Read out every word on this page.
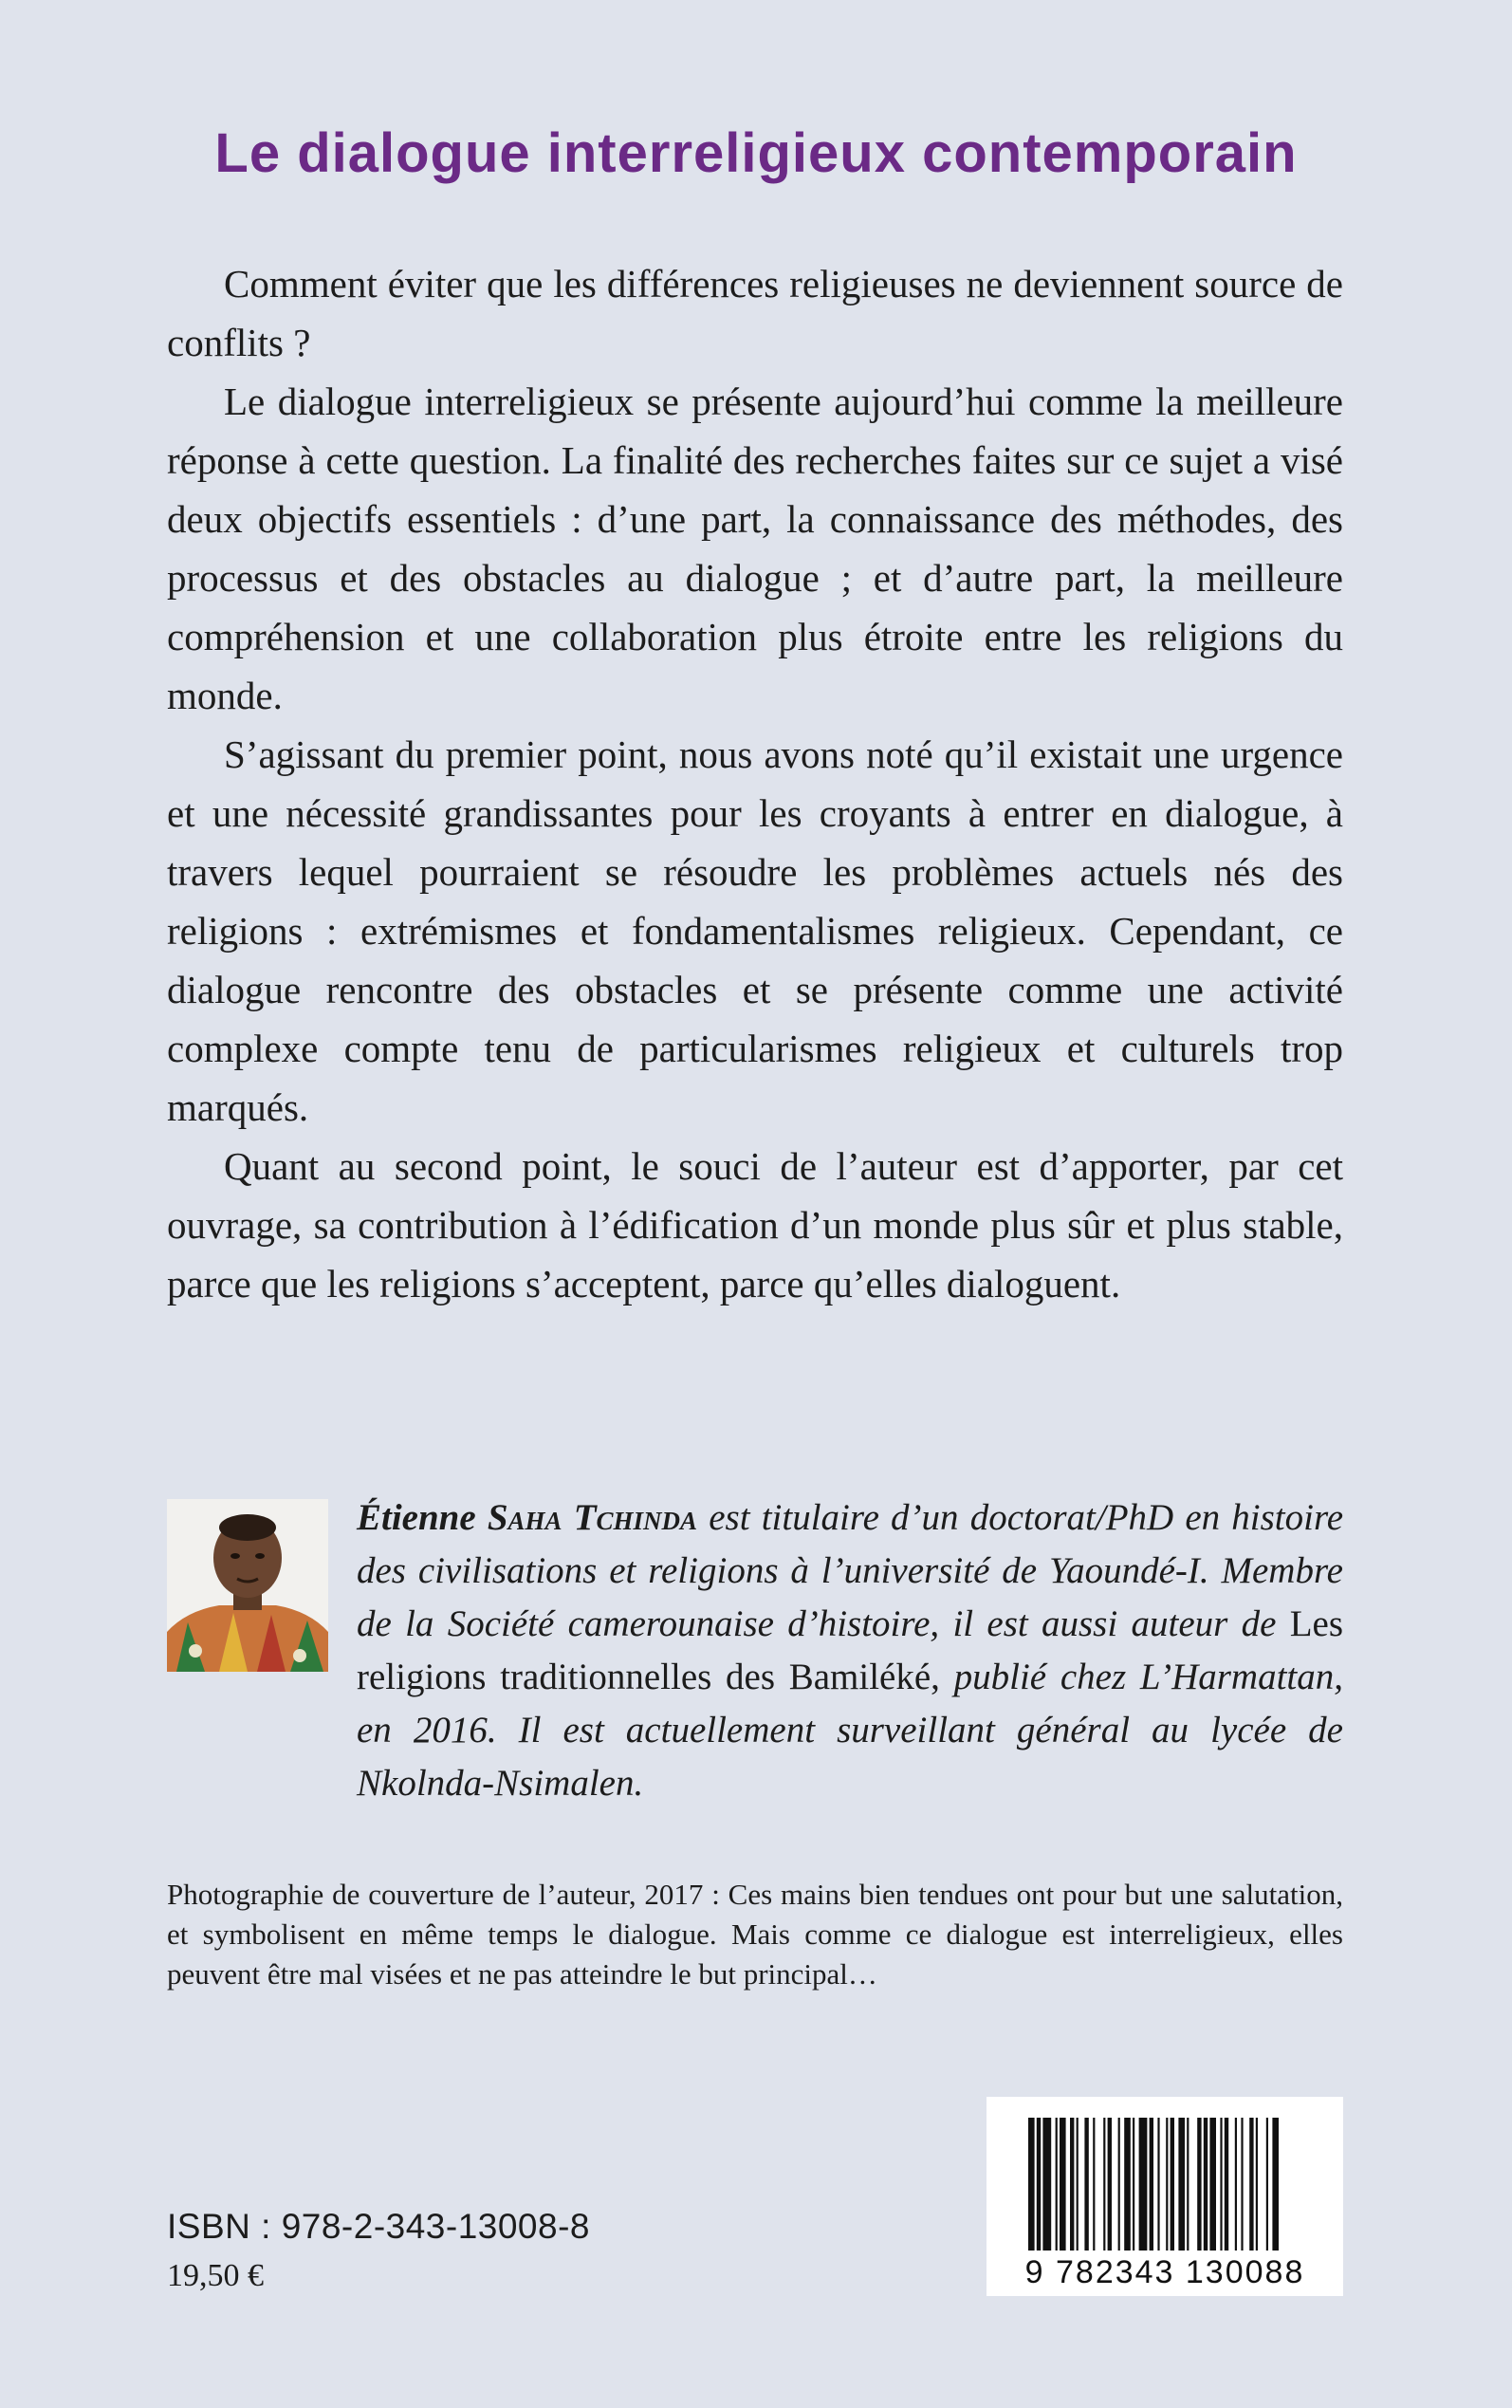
Le dialogue interreligieux contemporain

Comment éviter que les différences religieuses ne deviennent source de conflits ?

Le dialogue interreligieux se présente aujourd’hui comme la meilleure réponse à cette question. La finalité des recherches faites sur ce sujet a visé deux objectifs essentiels : d’une part, la connaissance des méthodes, des processus et des obstacles au dialogue ; et d’autre part, la meilleure compréhension et une collaboration plus étroite entre les religions du monde.

S’agissant du premier point, nous avons noté qu’il existait une urgence et une nécessité grandissantes pour les croyants à entrer en dialogue, à travers lequel pourraient se résoudre les problèmes actuels nés des religions : extrémismes et fondamentalismes religieux. Cependant, ce dialogue rencontre des obstacles et se présente comme une activité complexe compte tenu de particularismes religieux et culturels trop marqués.

Quant au second point, le souci de l’auteur est d’apporter, par cet ouvrage, sa contribution à l’édification d’un monde plus sûr et plus stable, parce que les religions s’acceptent, parce qu’elles dialoguent.

Étienne Saha Tchinda est titulaire d’un doctorat/PhD en histoire des civilisations et religions à l’université de Yaoundé-I. Membre de la Société camerounaise d’histoire, il est aussi auteur de Les religions traditionnelles des Bamiléké, publié chez L’Harmattan, en 2016. Il est actuellement surveillant général au lycée de Nkolnda-Nsimalen.
Photographie de couverture de l’auteur, 2017 : Ces mains bien tendues ont pour but une salutation, et symbolisent en même temps le dialogue. Mais comme ce dialogue est interreligieux, elles peuvent être mal visées et ne pas atteindre le but principal…
ISBN : 978-2-343-13008-8
19,50 €	9 782343 130088
